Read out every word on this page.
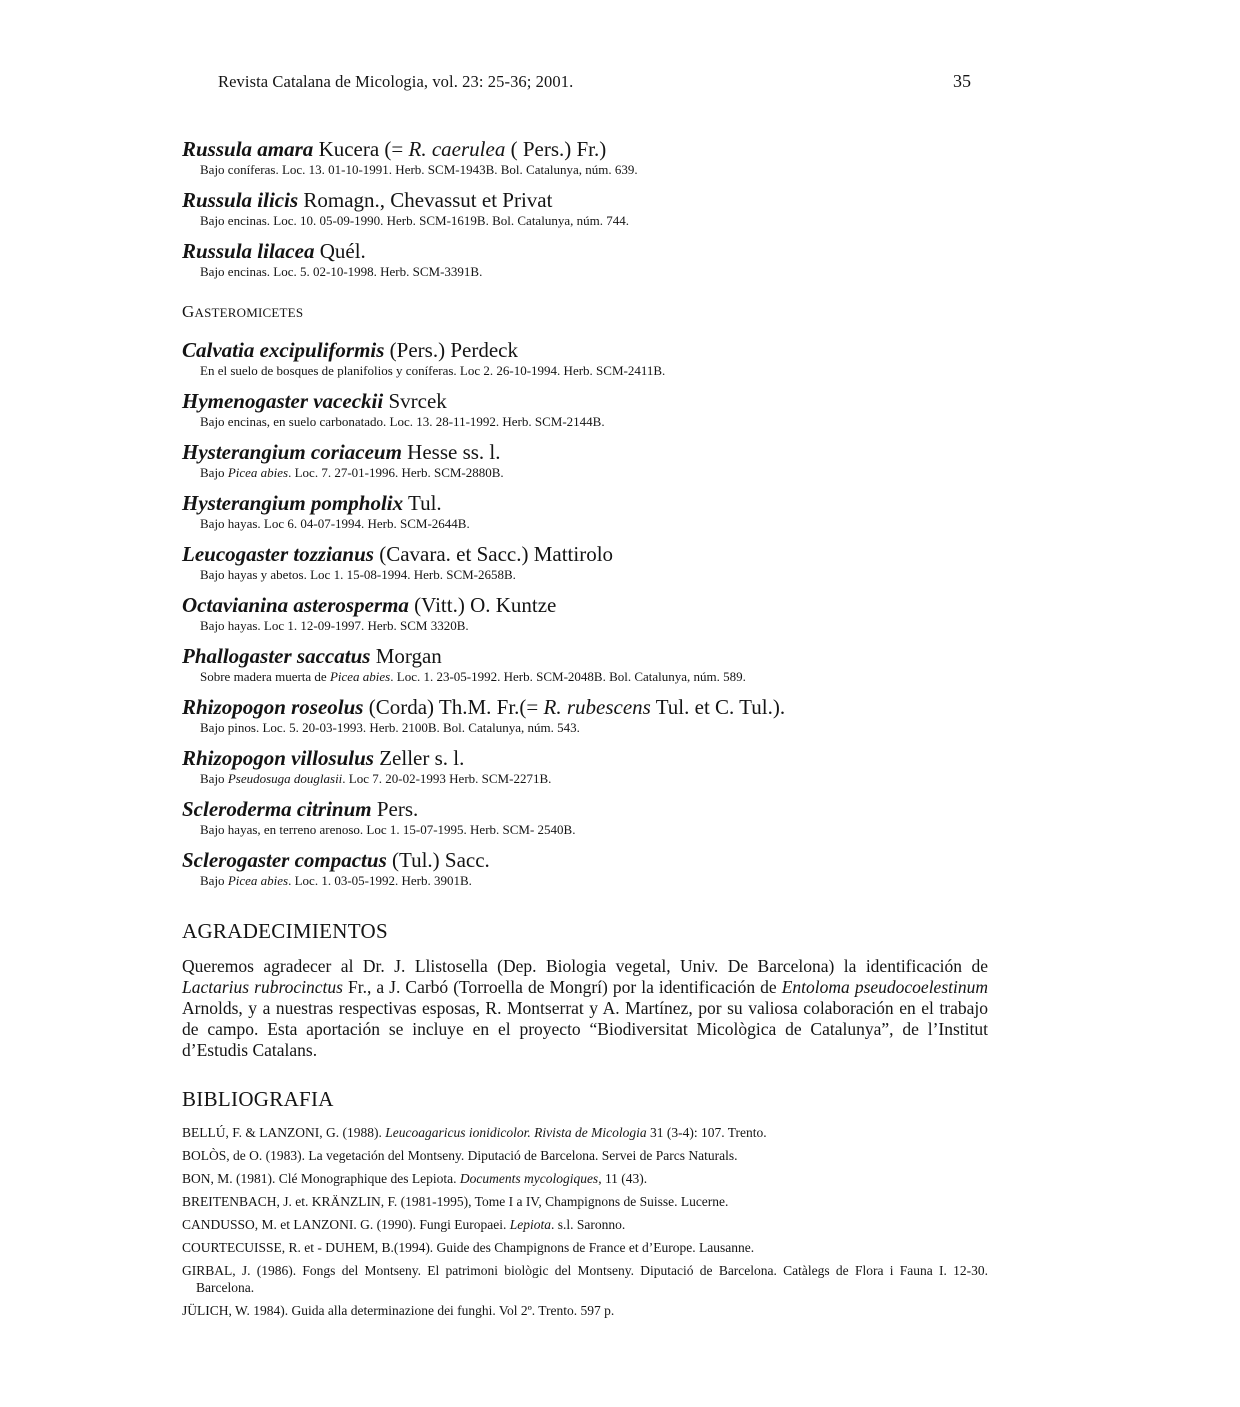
Revista Catalana de Micologia, vol. 23: 25-36; 2001.	35
Russula amara Kucera (= R. caerulea ( Pers.) Fr.)
Bajo coníferas. Loc. 13. 01-10-1991. Herb. SCM-1943B. Bol. Catalunya, núm. 639.
Russula ilicis Romagn., Chevassut et Privat
Bajo encinas. Loc. 10. 05-09-1990. Herb. SCM-1619B. Bol. Catalunya, núm. 744.
Russula lilacea Quél.
Bajo encinas. Loc. 5. 02-10-1998. Herb. SCM-3391B.
GASTEROMICETES
Calvatia excipuliformis (Pers.) Perdeck
En el suelo de bosques de planifolios y coníferas. Loc 2. 26-10-1994. Herb. SCM-2411B.
Hymenogaster vaceckii Svrcek
Bajo encinas, en suelo carbonatado. Loc. 13. 28-11-1992. Herb. SCM-2144B.
Hysterangium coriaceum Hesse ss. l.
Bajo Picea abies. Loc. 7. 27-01-1996. Herb. SCM-2880B.
Hysterangium pompholix Tul.
Bajo hayas. Loc 6. 04-07-1994. Herb. SCM-2644B.
Leucogaster tozzianus (Cavara. et Sacc.) Mattirolo
Bajo hayas y abetos. Loc 1. 15-08-1994. Herb. SCM-2658B.
Octavianina asterosperma (Vitt.) O. Kuntze
Bajo hayas. Loc 1. 12-09-1997. Herb. SCM 3320B.
Phallogaster saccatus Morgan
Sobre madera muerta de Picea abies. Loc. 1. 23-05-1992. Herb. SCM-2048B. Bol. Catalunya, núm. 589.
Rhizopogon roseolus (Corda) Th.M. Fr.(= R. rubescens Tul. et C. Tul.).
Bajo pinos. Loc. 5. 20-03-1993. Herb. 2100B. Bol. Catalunya, núm. 543.
Rhizopogon villosulus Zeller s. l.
Bajo Pseudosuga douglasii. Loc 7. 20-02-1993 Herb. SCM-2271B.
Scleroderma citrinum Pers.
Bajo hayas, en terreno arenoso. Loc 1. 15-07-1995. Herb. SCM- 2540B.
Sclerogaster compactus (Tul.) Sacc.
Bajo Picea abies. Loc. 1. 03-05-1992. Herb. 3901B.
AGRADECIMIENTOS

Queremos agradecer al Dr. J. Llistosella (Dep. Biologia vegetal, Univ. De Barcelona) la identificación de Lactarius rubrocinctus Fr., a J. Carbó (Torroella de Mongrí) por la identificación de Entoloma pseudocoelestinum Arnolds, y a nuestras respectivas esposas, R. Montserrat y A. Martínez, por su valiosa colaboración en el trabajo de campo. Esta aportación se incluye en el proyecto “Biodiversitat Micològica de Catalunya”, de l’Institut d’Estudis Catalans.

BIBLIOGRAFIA
BELLÚ, F. & LANZONI, G. (1988). Leucoagaricus ionidicolor. Rivista de Micologia 31 (3-4): 107. Trento.
BOLÒS, de O. (1983). La vegetación del Montseny. Diputació de Barcelona. Servei de Parcs Naturals.
BON, M. (1981). Clé Monographique des Lepiota. Documents mycologiques, 11 (43).
BREITENBACH, J. et. KRÄNZLIN, F. (1981-1995), Tome I a IV, Champignons de Suisse. Lucerne.
CANDUSSO, M. et LANZONI. G. (1990). Fungi Europaei. Lepiota. s.l. Saronno.
COURTECUISSE, R. et - DUHEM, B.(1994). Guide des Champignons de France et d’Europe. Lausanne.
GIRBAL, J. (1986). Fongs del Montseny. El patrimoni biològic del Montseny. Diputació de Barcelona. Catàlegs de Flora i Fauna I. 12-30. Barcelona.
JÜLICH, W. 1984). Guida alla determinazione dei funghi. Vol 2º. Trento. 597 p.
